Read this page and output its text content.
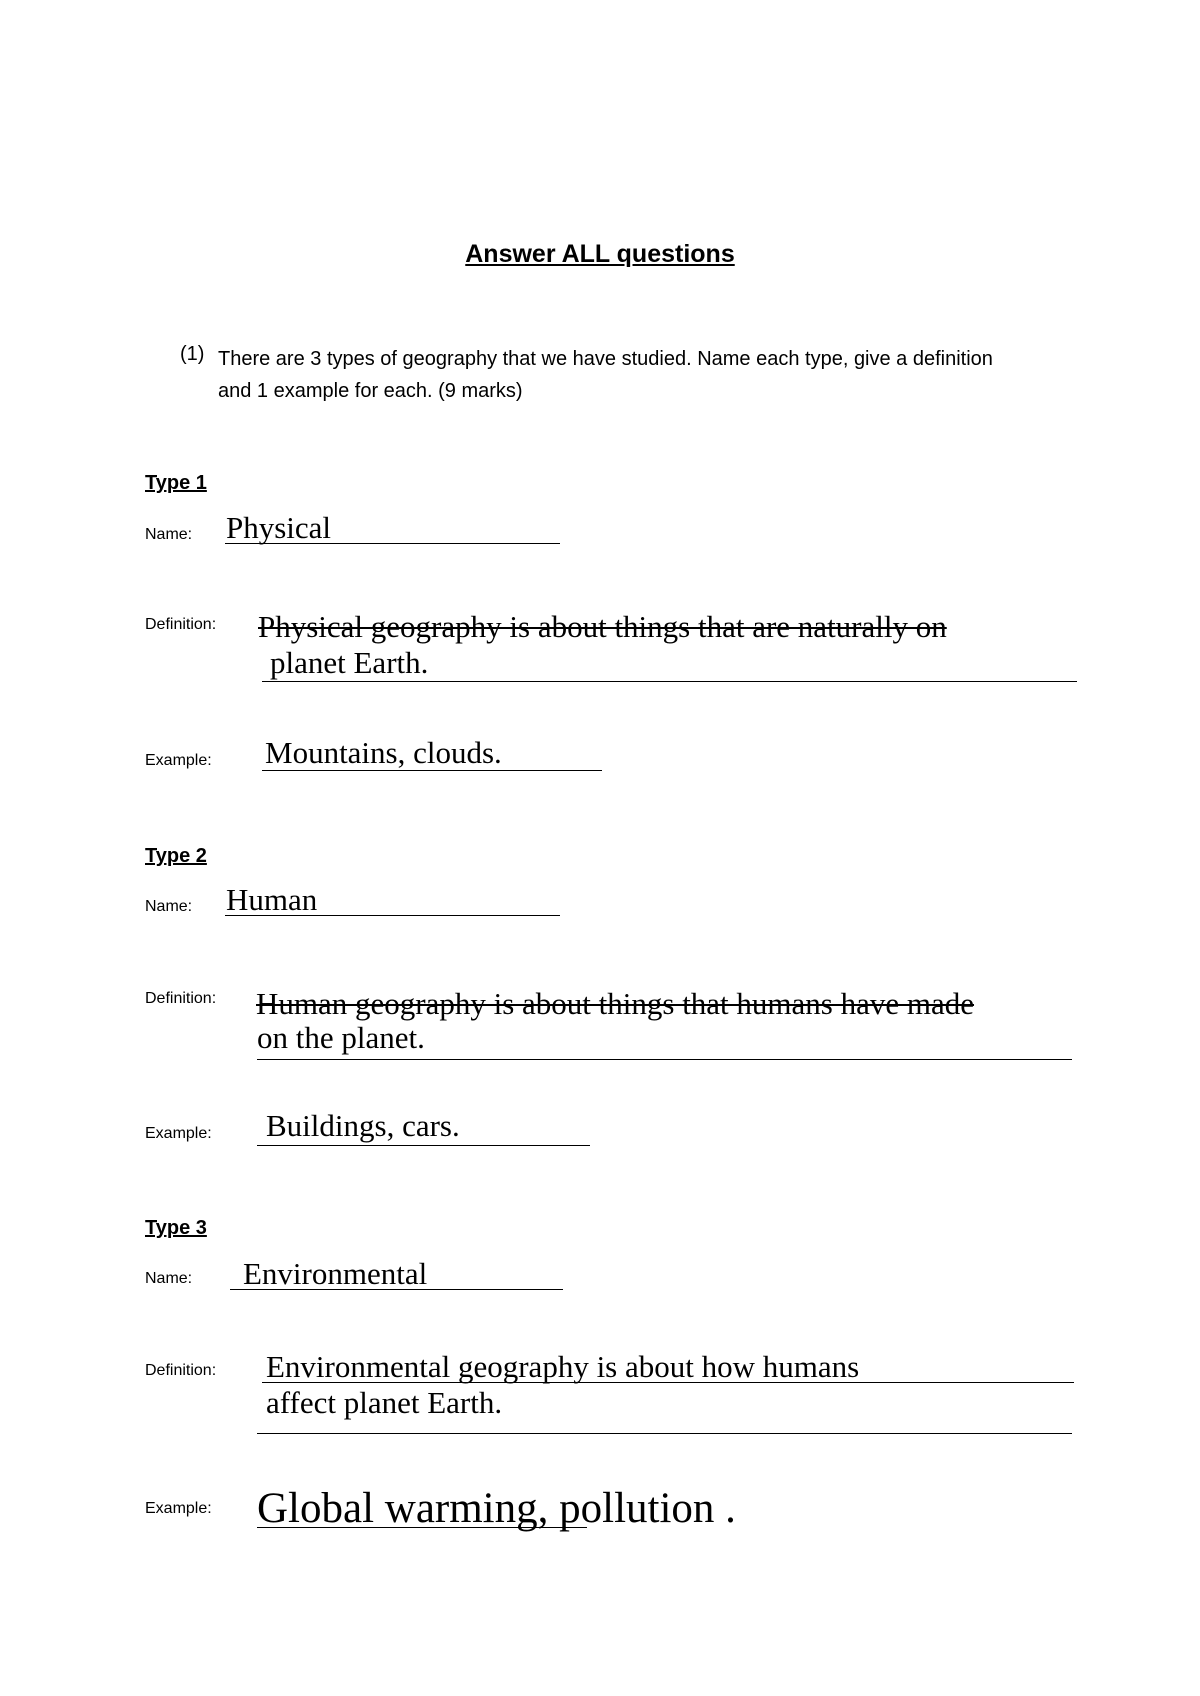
Answer ALL questions
(1) There are 3 types of geography that we have studied. Name each type, give a definition and 1 example for each. (9 marks)
Type 1
Name: Physical
Definition: Physical geography is about things that are naturally on
planet Earth.
Example: Mountains, clouds.
Type 2
Name: Human
Definition: Human geography is about things that humans have made
on the planet.
Example: Buildings, cars.
Type 3
Name: Environmental
Definition: Environmental geography is about how humans
affect planet Earth.
Example: Global warming, pollution .
